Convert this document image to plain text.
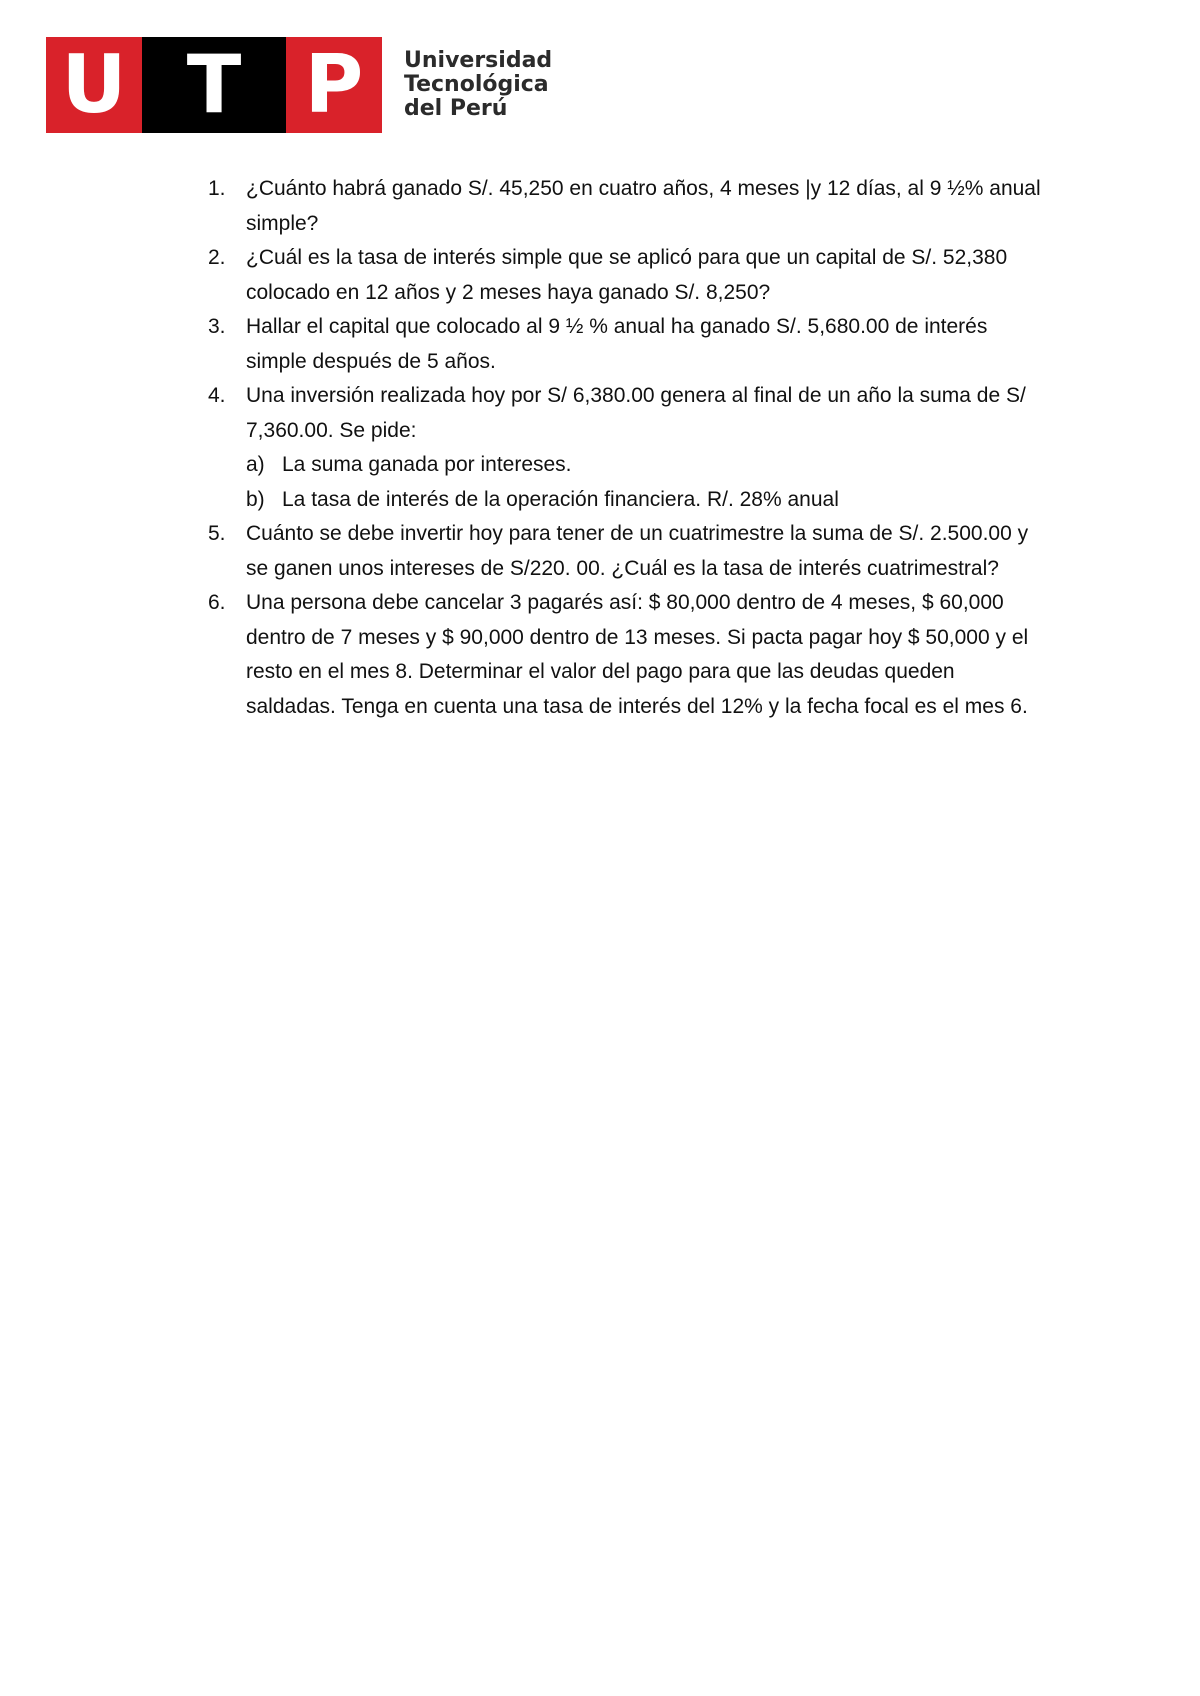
U T P	Universidad
Tecnológica
del Perú
1. ¿Cuánto habrá ganado S/. 45,250 en cuatro años, 4 meses |y 12 días, al 9 ½% anual simple?
2. ¿Cuál es la tasa de interés simple que se aplicó para que un capital de S/. 52,380 colocado en 12 años y 2 meses haya ganado S/. 8,250?
3. Hallar el capital que colocado al 9 ½ % anual ha ganado S/. 5,680.00 de interés simple después de 5 años.
4. Una inversión realizada hoy por S/ 6,380.00 genera al final de un año la suma de S/ 7,360.00. Se pide:
a) La suma ganada por intereses.
b) La tasa de interés de la operación financiera. R/. 28% anual
5. Cuánto se debe invertir hoy para tener de un cuatrimestre la suma de S/. 2.500.00 y se ganen unos intereses de S/220. 00. ¿Cuál es la tasa de interés cuatrimestral?
6. Una persona debe cancelar 3 pagarés así: $ 80,000 dentro de 4 meses, $ 60,000 dentro de 7 meses y $ 90,000 dentro de 13 meses. Si pacta pagar hoy $ 50,000 y el resto en el mes 8. Determinar el valor del pago para que las deudas queden saldadas. Tenga en cuenta una tasa de interés del 12% y la fecha focal es el mes 6.
